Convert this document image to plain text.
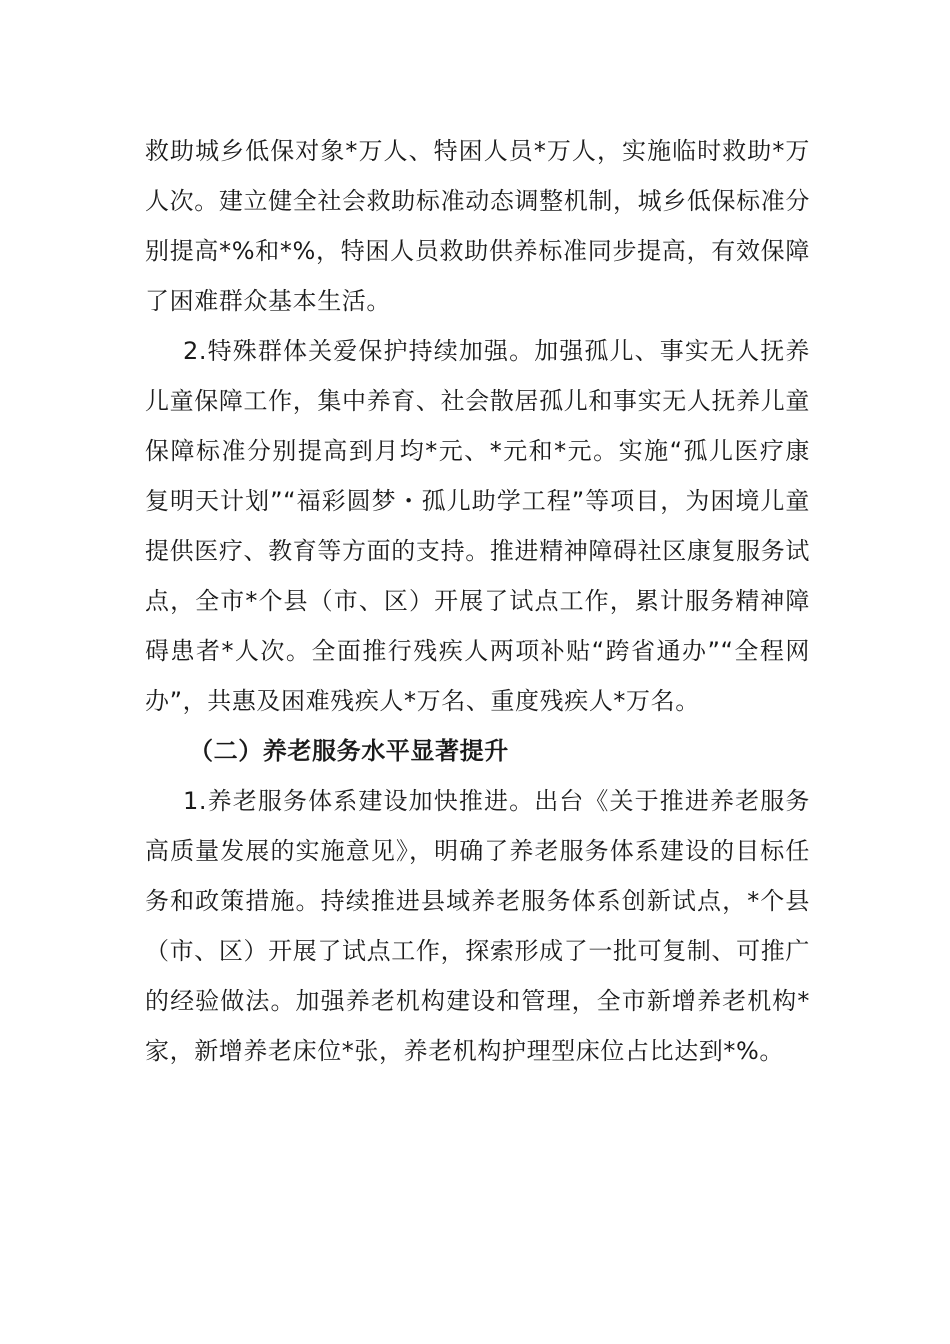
救助城乡低保对象*万人、特困人员*万人，实施临时救助*万人次。建立健全社会救助标准动态调整机制，城乡低保标准分别提高*%和*%，特困人员救助供养标准同步提高，有效保障了困难群众基本生活。

2.特殊群体关爱保护持续加强。加强孤儿、事实无人抚养儿童保障工作，集中养育、社会散居孤儿和事实无人抚养儿童保障标准分别提高到月均*元、*元和*元。实施“孤儿医疗康复明天计划”“福彩圆梦・孤儿助学工程”等项目，为困境儿童提供医疗、教育等方面的支持。推进精神障碍社区康复服务试点，全市*个县（市、区）开展了试点工作，累计服务精神障碍患者*人次。全面推行残疾人两项补贴“跨省通办”“全程网办”，共惠及困难残疾人*万名、重度残疾人*万名。

（二）养老服务水平显著提升

1.养老服务体系建设加快推进。出台《关于推进养老服务高质量发展的实施意见》，明确了养老服务体系建设的目标任务和政策措施。持续推进县域养老服务体系创新试点，*个县（市、区）开展了试点工作，探索形成了一批可复制、可推广的经验做法。加强养老机构建设和管理，全市新增养老机构*家，新增养老床位*张，养老机构护理型床位占比达到*%。
